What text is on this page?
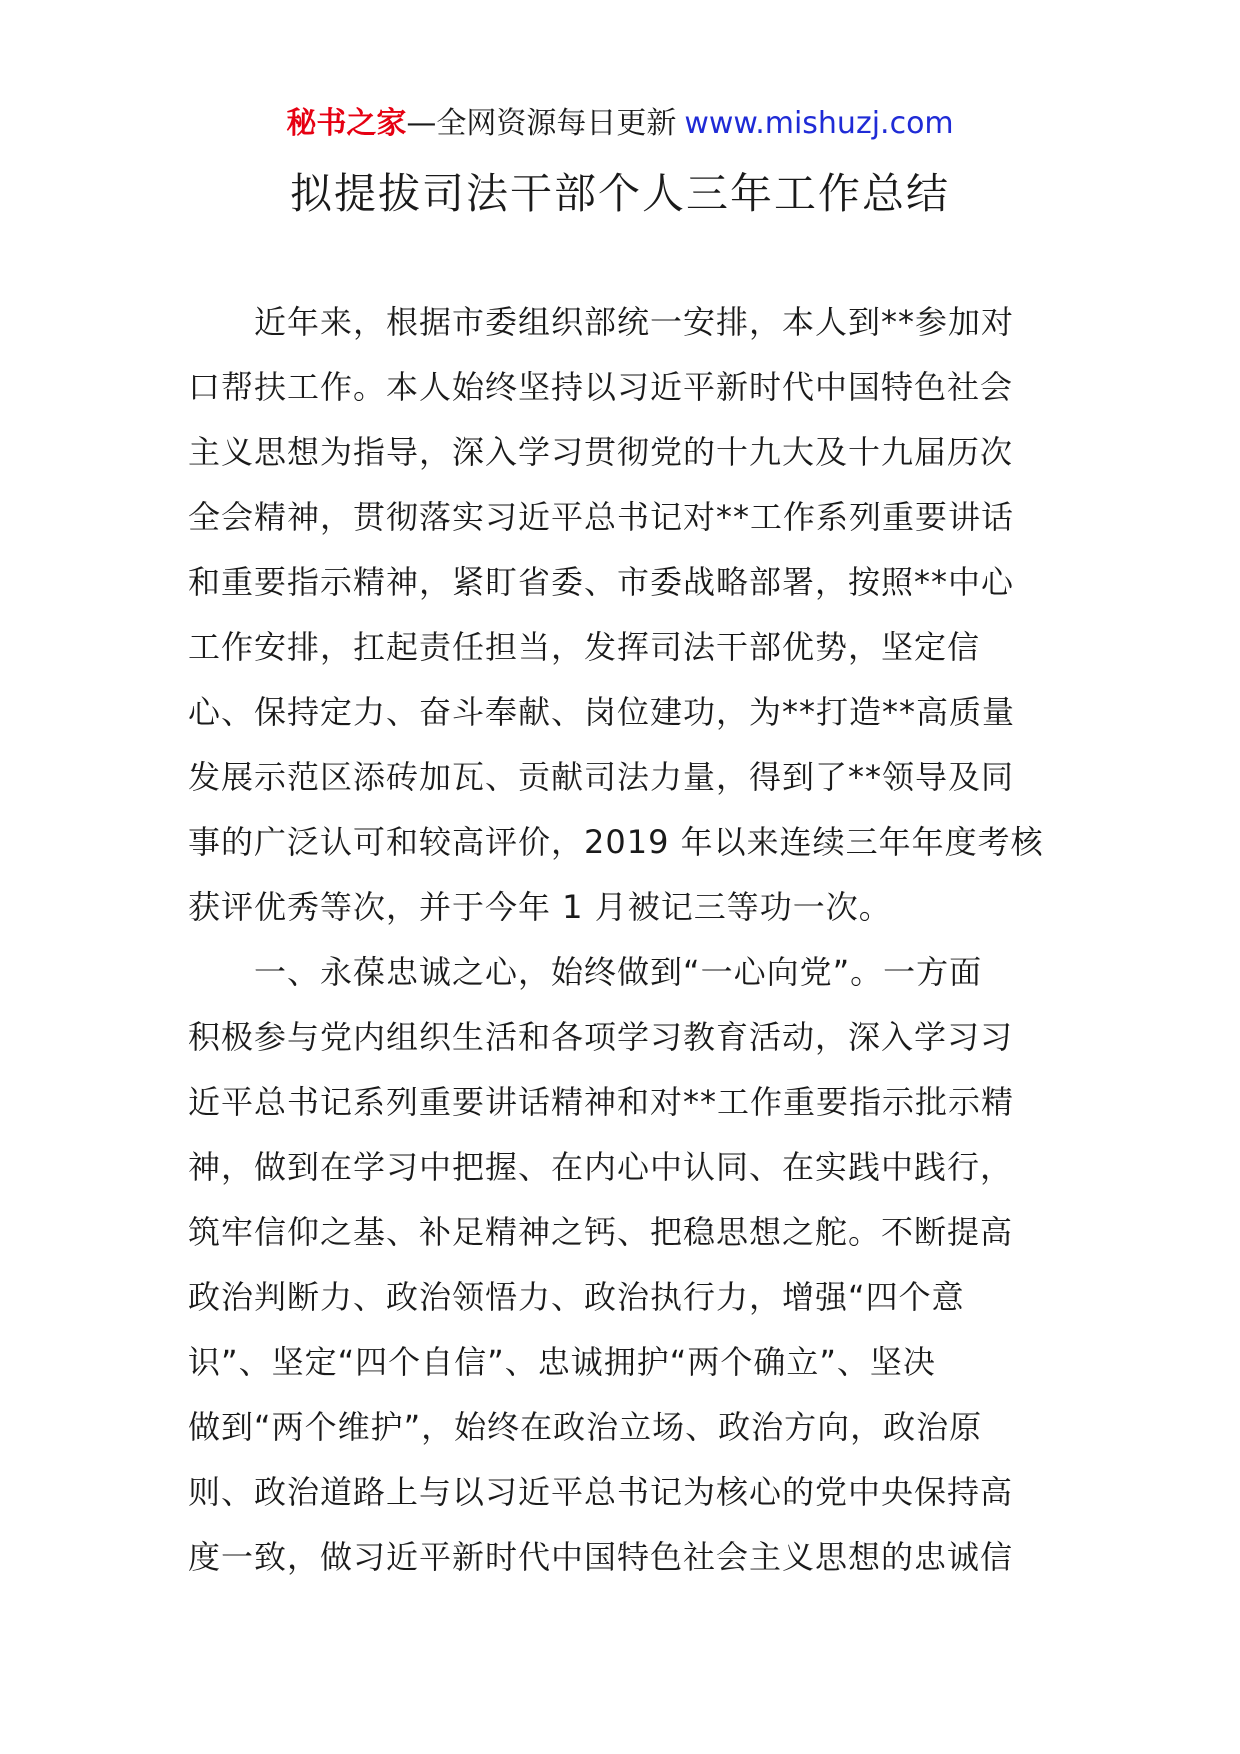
秘书之家—全网资源每日更新 www.mishuzj.com
拟提拔司法干部个人三年工作总结
近年来，根据市委组织部统一安排，本人到**参加对
口帮扶工作。本人始终坚持以习近平新时代中国特色社会
主义思想为指导，深入学习贯彻党的十九大及十九届历次
全会精神，贯彻落实习近平总书记对**工作系列重要讲话
和重要指示精神，紧盯省委、市委战略部署，按照**中心
工作安排，扛起责任担当，发挥司法干部优势，坚定信
心、保持定力、奋斗奉献、岗位建功，为**打造**高质量
发展示范区添砖加瓦、贡献司法力量，得到了**领导及同
事的广泛认可和较高评价，2019 年以来连续三年年度考核
获评优秀等次，并于今年 1 月被记三等功一次。
一、永葆忠诚之心，始终做到“一心向党”。一方面
积极参与党内组织生活和各项学习教育活动，深入学习习
近平总书记系列重要讲话精神和对**工作重要指示批示精
神，做到在学习中把握、在内心中认同、在实践中践行，
筑牢信仰之基、补足精神之钙、把稳思想之舵。不断提高
政治判断力、政治领悟力、政治执行力，增强“四个意
识”、坚定“四个自信”、忠诚拥护“两个确立”、坚决
做到“两个维护”，始终在政治立场、政治方向，政治原
则、政治道路上与以习近平总书记为核心的党中央保持高
度一致，做习近平新时代中国特色社会主义思想的忠诚信
